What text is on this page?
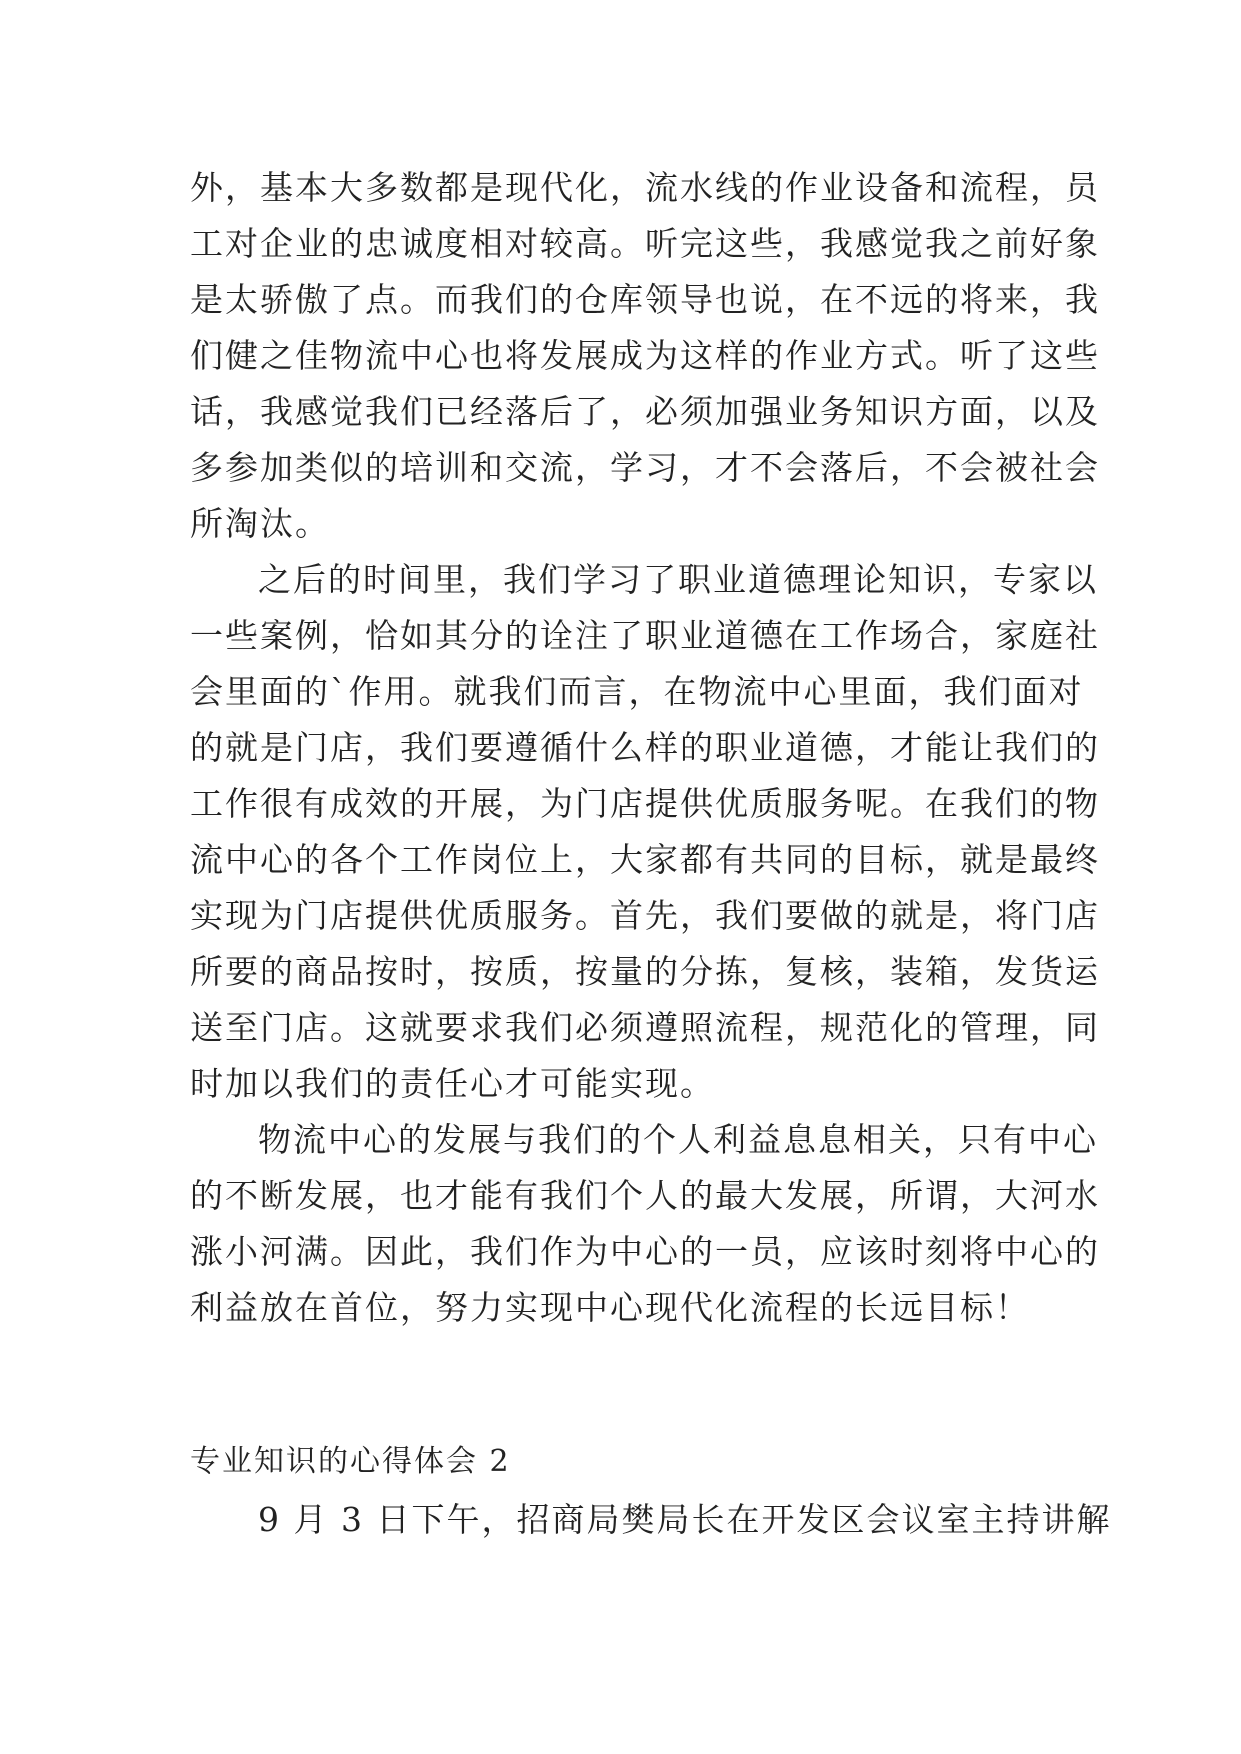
外，基本大多数都是现代化，流水线的作业设备和流程，员
工对企业的忠诚度相对较高。听完这些，我感觉我之前好象
是太骄傲了点。而我们的仓库领导也说，在不远的将来，我
们健之佳物流中心也将发展成为这样的作业方式。听了这些
话，我感觉我们已经落后了，必须加强业务知识方面，以及
多参加类似的培训和交流，学习，才不会落后，不会被社会
所淘汰。
之后的时间里，我们学习了职业道德理论知识，专家以
一些案例，恰如其分的诠注了职业道德在工作场合，家庭社
会里面的`作用。就我们而言，在物流中心里面，我们面对
的就是门店，我们要遵循什么样的职业道德，才能让我们的
工作很有成效的开展，为门店提供优质服务呢。在我们的物
流中心的各个工作岗位上，大家都有共同的目标，就是最终
实现为门店提供优质服务。首先，我们要做的就是，将门店
所要的商品按时，按质，按量的分拣，复核，装箱，发货运
送至门店。这就要求我们必须遵照流程，规范化的管理，同
时加以我们的责任心才可能实现。
物流中心的发展与我们的个人利益息息相关，只有中心
的不断发展，也才能有我们个人的最大发展，所谓，大河水
涨小河满。因此，我们作为中心的一员，应该时刻将中心的
利益放在首位，努力实现中心现代化流程的长远目标！
专业知识的心得体会 2
9 月 3 日下午，招商局樊局长在开发区会议室主持讲解
